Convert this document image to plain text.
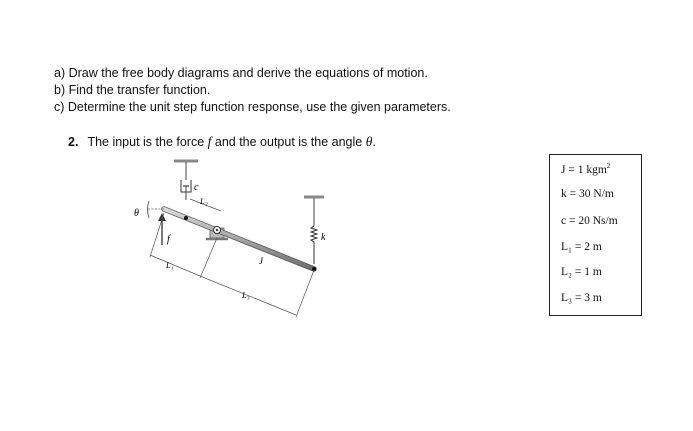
a) Draw the free body diagrams and derive the equations of motion.
b) Find the transfer function.
c) Determine the unit step function response, use the given parameters.
2. The input is the force f and the output is the angle θ.
c
k
θ
f
L₂
L₁
L₃
J
J = 1 kgm$^2$
k = 30 N/m
c = 20 Ns/m
L₁ = 2 m
L₂ = 1 m
L₃ = 3 m
